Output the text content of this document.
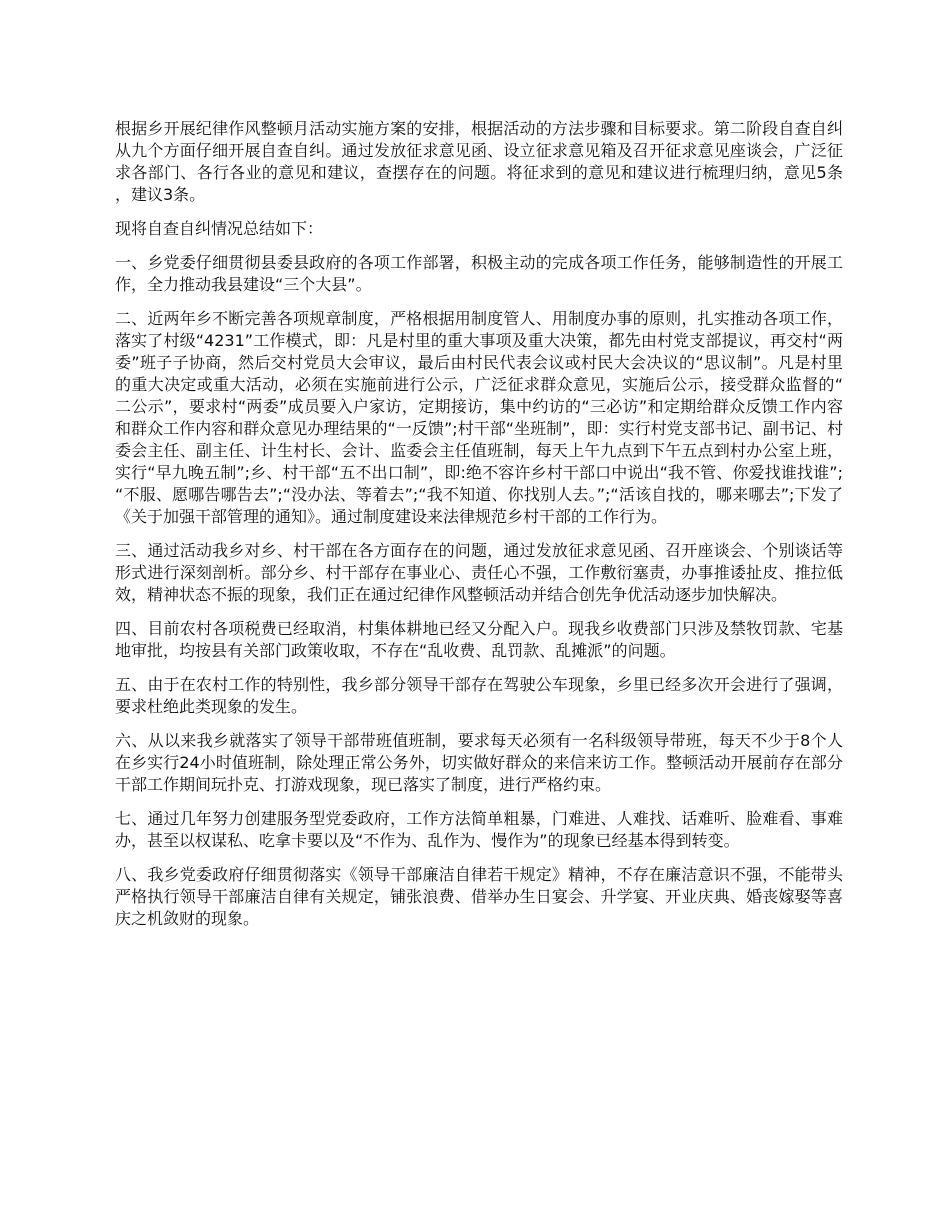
根据乡开展纪律作风整顿月活动实施方案的安排，根据活动的方法步骤和目标要求。第二阶段自查自纠从九个方面仔细开展自查自纠。通过发放征求意见函、设立征求意见箱及召开征求意见座谈会，广泛征求各部门、各行各业的意见和建议，查摆存在的问题。将征求到的意见和建议进行梳理归纳，意见5条，建议3条。

现将自查自纠情况总结如下：

一、乡党委仔细贯彻县委县政府的各项工作部署，积极主动的完成各项工作任务，能够制造性的开展工作，全力推动我县建设“三个大县”。

二、近两年乡不断完善各项规章制度，严格根据用制度管人、用制度办事的原则，扎实推动各项工作，落实了村级“4231”工作模式，即：凡是村里的重大事项及重大决策，都先由村党支部提议，再交村“两委”班子子协商，然后交村党员大会审议，最后由村民代表会议或村民大会决议的“思议制”。凡是村里的重大决定或重大活动，必须在实施前进行公示，广泛征求群众意见，实施后公示，接受群众监督的“二公示”，要求村“两委”成员要入户家访，定期接访，集中约访的“三必访”和定期给群众反馈工作内容和群众工作内容和群众意见办理结果的“一反馈”;村干部“坐班制”，即：实行村党支部书记、副书记、村委会主任、副主任、计生村长、会计、监委会主任值班制，每天上午九点到下午五点到村办公室上班，实行“早九晚五制”;乡、村干部“五不出口制”，即:绝不容许乡村干部口中说出“我不管、你爱找谁找谁”;“不服、愿哪告哪告去”;“没办法、等着去”;“我不知道、你找别人去。”;“活该自找的，哪来哪去”;下发了《关于加强干部管理的通知》。通过制度建设来法律规范乡村干部的工作行为。

三、通过活动我乡对乡、村干部在各方面存在的问题，通过发放征求意见函、召开座谈会、个别谈话等形式进行深刻剖析。部分乡、村干部存在事业心、责任心不强，工作敷衍塞责，办事推诿扯皮、推拉低效，精神状态不振的现象，我们正在通过纪律作风整顿活动并结合创先争优活动逐步加快解决。

四、目前农村各项税费已经取消，村集体耕地已经又分配入户。现我乡收费部门只涉及禁牧罚款、宅基地审批，均按县有关部门政策收取，不存在“乱收费、乱罚款、乱摊派”的问题。

五、由于在农村工作的特别性，我乡部分领导干部存在驾驶公车现象，乡里已经多次开会进行了强调，要求杜绝此类现象的发生。

六、从以来我乡就落实了领导干部带班值班制，要求每天必须有一名科级领导带班，每天不少于8个人在乡实行24小时值班制，除处理正常公务外，切实做好群众的来信来访工作。整顿活动开展前存在部分干部工作期间玩扑克、打游戏现象，现已落实了制度，进行严格约束。

七、通过几年努力创建服务型党委政府，工作方法简单粗暴，门难进、人难找、话难听、脸难看、事难办，甚至以权谋私、吃拿卡要以及“不作为、乱作为、慢作为”的现象已经基本得到转变。

八、我乡党委政府仔细贯彻落实《领导干部廉洁自律若干规定》精神，不存在廉洁意识不强，不能带头严格执行领导干部廉洁自律有关规定，铺张浪费、借举办生日宴会、升学宴、开业庆典、婚丧嫁娶等喜庆之机敛财的现象。
